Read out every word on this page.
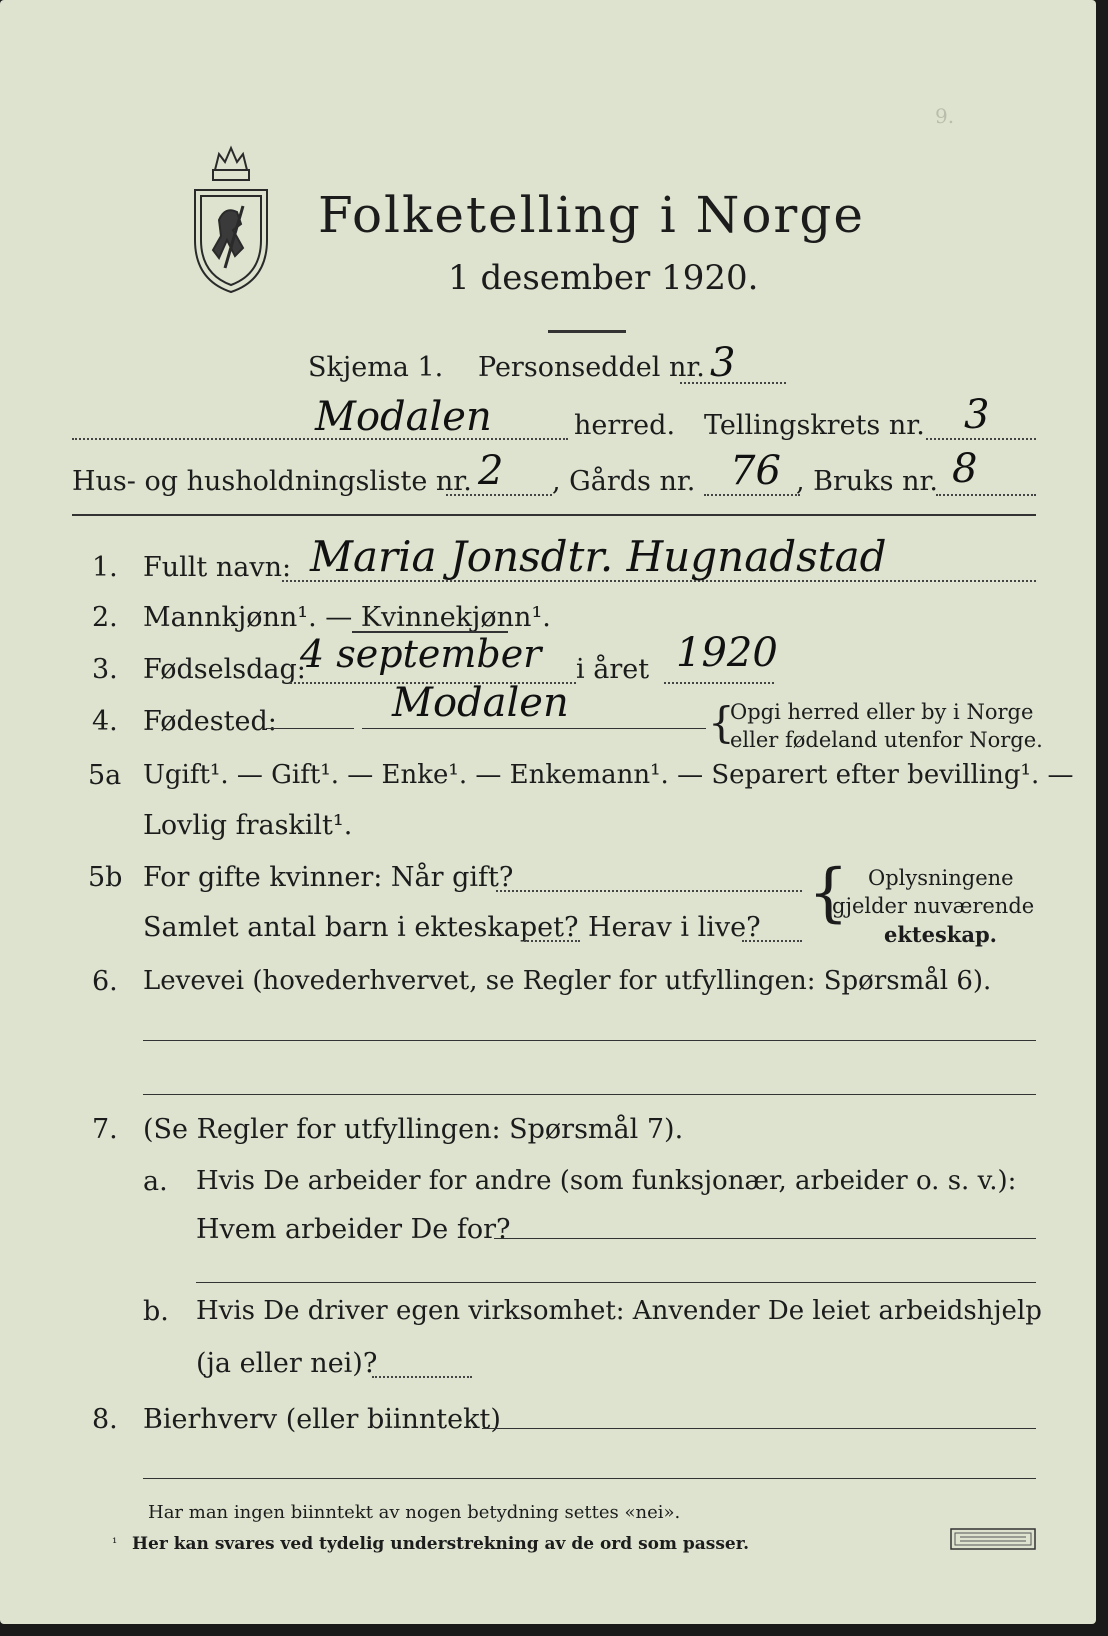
9.
Folketelling i Norge
1 desember 1920.
Skjema 1. Personseddel nr. 3
Modalen	herred. Tellingskrets nr. 3
Hus- og husholdningsliste nr. 2 , Gårds nr. 76 , Bruks nr. 8
1. Fullt navn: Maria Jonsdtr. Hugnadstad
2. Mannkjønn¹. — Kvinnekjønn¹.
3. Fødselsdag:
4 september i året 1920
4. Fødested:	Modalen	{
Opgi herred eller by i Norge
eller fødeland utenfor Norge.
5a Ugift¹. — Gift¹. — Enke¹. — Enkemann¹. — Separert efter bevilling¹. —
Lovlig fraskilt¹.
5b For gifte kvinner: Når gift?
Samlet antal barn i ekteskapet? Herav i live? { Oplysningene
gjelder nuværende
ekteskap.
6. Levevei (hovederhvervet, se Regler for utfyllingen: Spørsmål 6).
7. (Se Regler for utfyllingen: Spørsmål 7).
a. Hvis De arbeider for andre (som funksjonær, arbeider o. s. v.):
Hvem arbeider De for?
b. Hvis De driver egen virksomhet: Anvender De leiet arbeidshjelp
(ja eller nei)?
8. Bierhverv (eller biinntekt)
Har man ingen biinntekt av nogen betydning settes «nei».
¹ Her kan svares ved tydelig understrekning av de ord som passer.
